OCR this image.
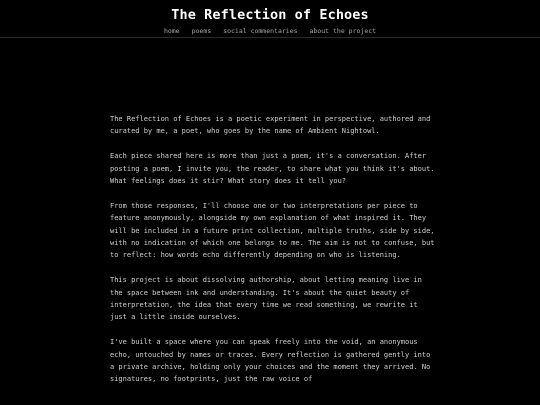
The Reflection of Echoes
home poems social commentaries about the project

The Reflection of Echoes is a poetic experiment in perspective, authored and curated by me, a poet, who goes by the name of Ambient Nightowl.

Each piece shared here is more than just a poem, it's a conversation. After posting a poem, I invite you, the reader, to share what you think it's about. What feelings does it stir? What story does it tell you?

From those responses, I'll choose one or two interpretations per piece to feature anonymously, alongside my own explanation of what inspired it. They will be included in a future print collection, multiple truths, side by side, with no indication of which one belongs to me. The aim is not to confuse, but to reflect: how words echo differently depending on who is listening.

This project is about dissolving authorship, about letting meaning live in the space between ink and understanding. It's about the quiet beauty of interpretation, the idea that every time we read something, we rewrite it just a little inside ourselves.

I've built a space where you can speak freely into the void, an anonymous echo, untouched by names or traces. Every reflection is gathered gently into a private archive, holding only your choices and the moment they arrived. No signatures, no footprints, just the raw voice of
